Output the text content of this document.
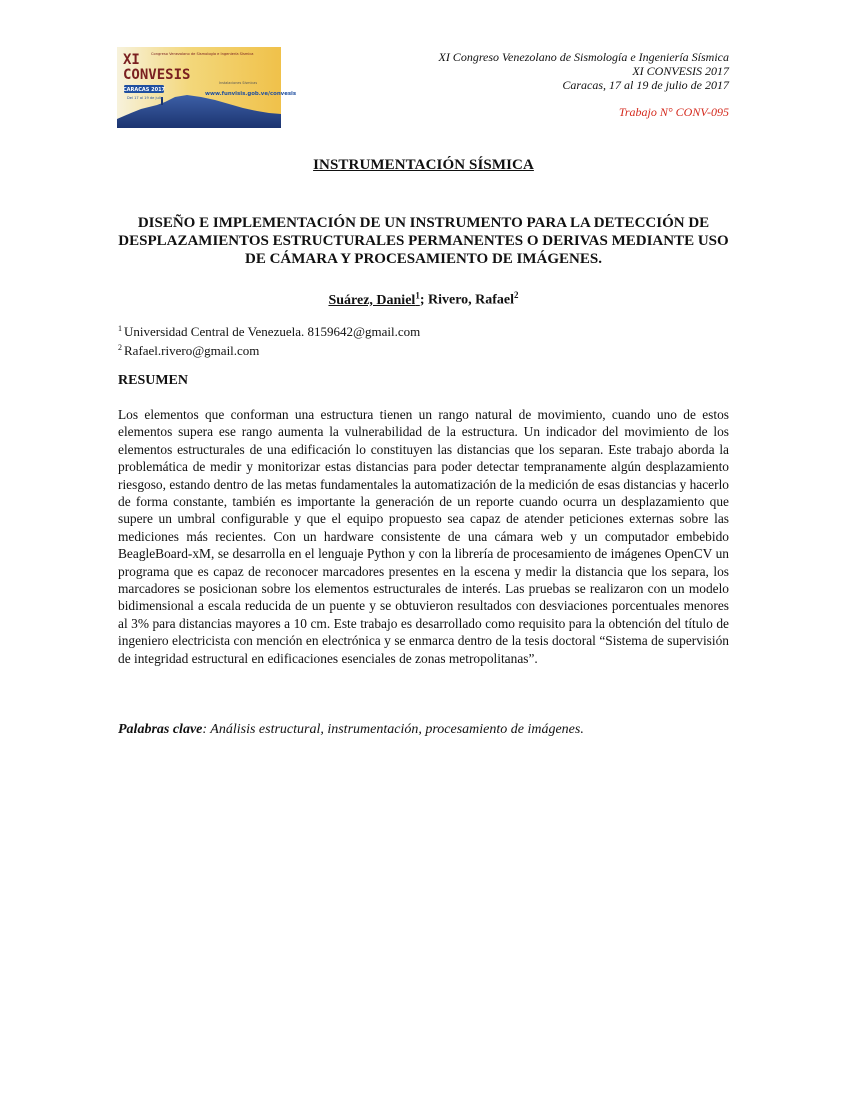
XI	Congreso Venezolano de Sismología e Ingeniería Sísmica
CONVESIS
CARACAS 2017
Del 17 al 19 de julio
Instalaciones Sísmicas
www.funvisis.gob.ve/convesis
XI Congreso Venezolano de Sismología e Ingeniería Sísmica
XI CONVESIS 2017
Caracas, 17 al 19 de julio de 2017
Trabajo N° CONV-095
INSTRUMENTACIÓN SÍSMICA
DISEÑO E IMPLEMENTACIÓN DE UN INSTRUMENTO PARA LA DETECCIÓN DE DESPLAZAMIENTOS ESTRUCTURALES PERMANENTES O DERIVAS MEDIANTE USO DE CÁMARA Y PROCESAMIENTO DE IMÁGENES.
Suárez, Daniel$^1$; Rivero, Rafael$^2$
$^1$ Universidad Central de Venezuela. 8159642@gmail.com
$^2$ Rafael.rivero@gmail.com
RESUMEN
Los elementos que conforman una estructura tienen un rango natural de movimiento, cuando uno de estos elementos supera ese rango aumenta la vulnerabilidad de la estructura. Un indicador del movimiento de los elementos estructurales de una edificación lo constituyen las distancias que los separan. Este trabajo aborda la problemática de medir y monitorizar estas distancias para poder detectar tempranamente algún desplazamiento riesgoso, estando dentro de las metas fundamentales la automatización de la medición de esas distancias y hacerlo de forma constante, también es importante la generación de un reporte cuando ocurra un desplazamiento que supere un umbral configurable y que el equipo propuesto sea capaz de atender peticiones externas sobre las mediciones más recientes. Con un hardware consistente de una cámara web y un computador embebido BeagleBoard-xM, se desarrolla en el lenguaje Python y con la librería de procesamiento de imágenes OpenCV un programa que es capaz de reconocer marcadores presentes en la escena y medir la distancia que los separa, los marcadores se posicionan sobre los elementos estructurales de interés. Las pruebas se realizaron con un modelo bidimensional a escala reducida de un puente y se obtuvieron resultados con desviaciones porcentuales menores al 3% para distancias mayores a 10 cm. Este trabajo es desarrollado como requisito para la obtención del título de ingeniero electricista con mención en electrónica y se enmarca dentro de la tesis doctoral “Sistema de supervisión de integridad estructural en edificaciones esenciales de zonas metropolitanas”.
Palabras clave: Análisis estructural, instrumentación, procesamiento de imágenes.
